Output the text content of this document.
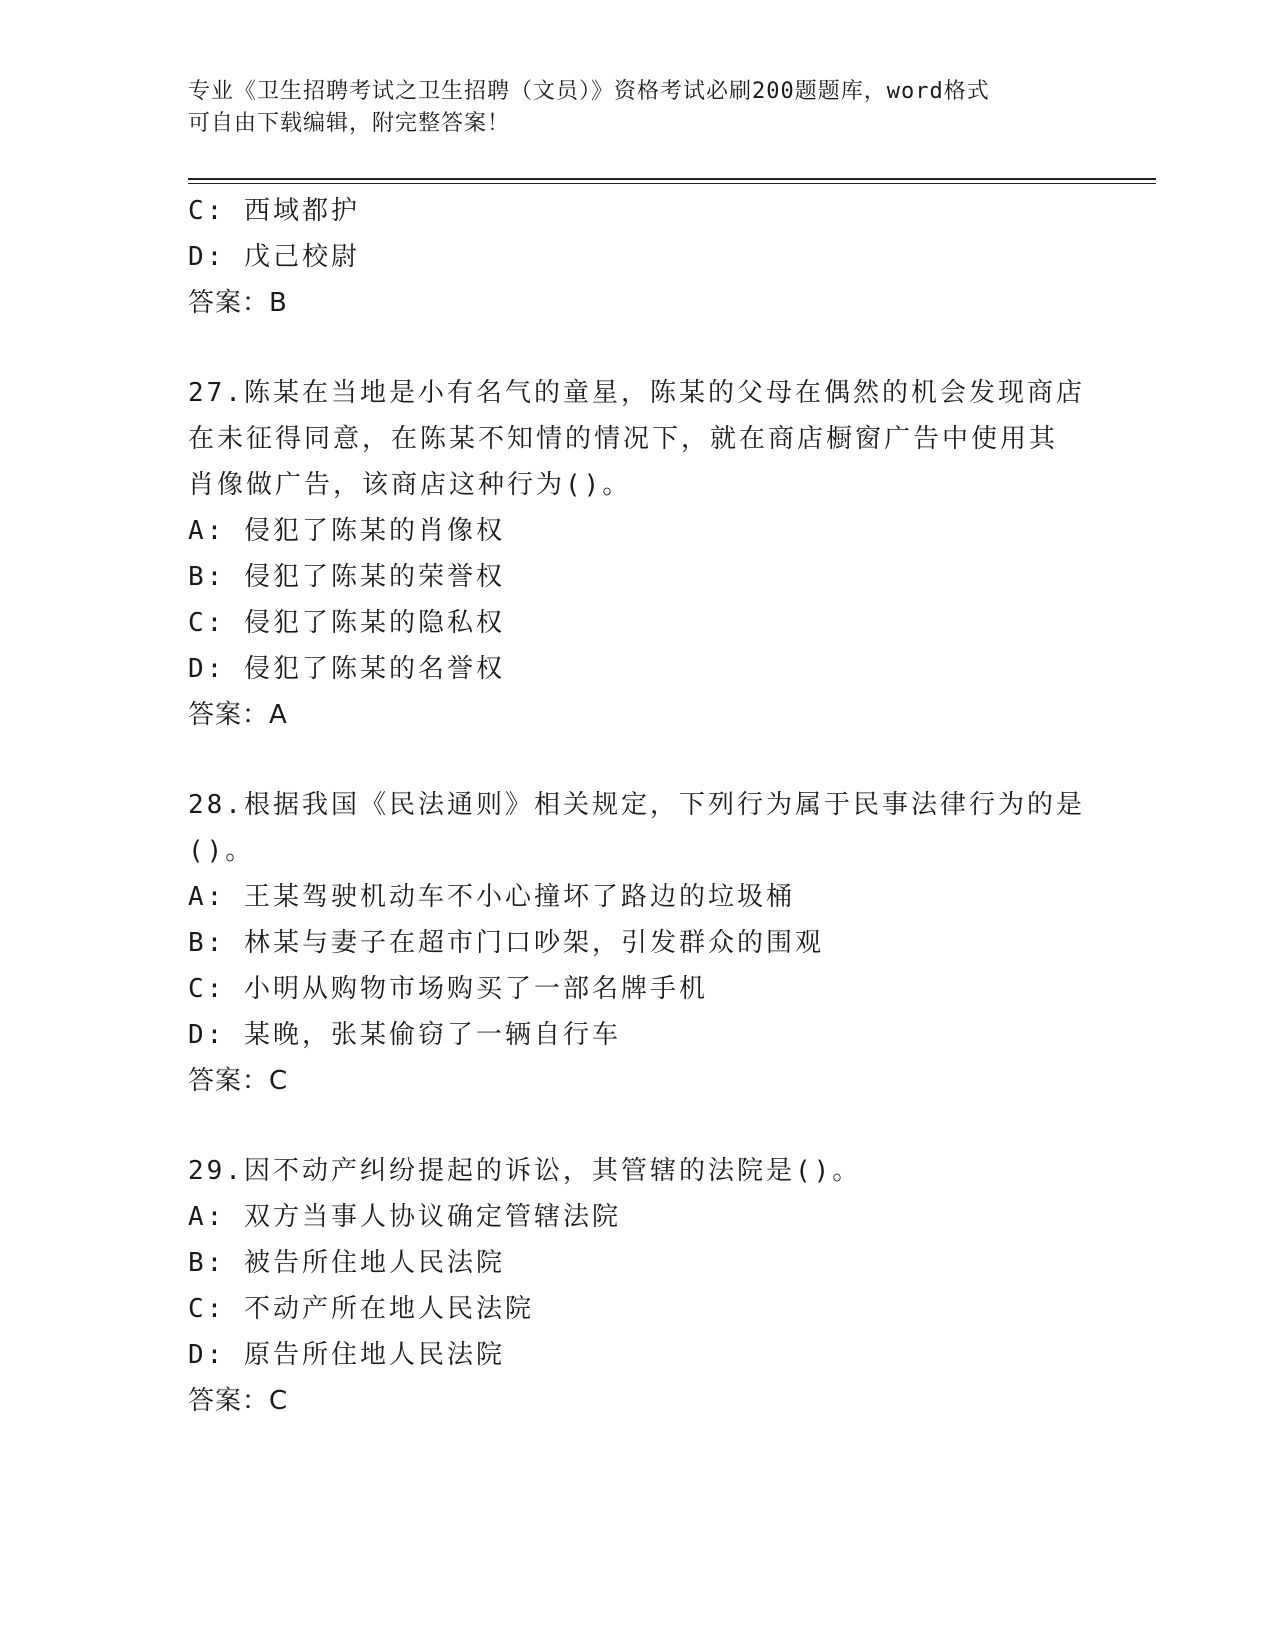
专业《卫生招聘考试之卫生招聘（文员）》资格考试必刷200题题库，word格式
可自由下载编辑，附完整答案！
C: 西域都护
D: 戊己校尉
答案：B
27.陈某在当地是小有名气的童星，陈某的父母在偶然的机会发现商店
在未征得同意，在陈某不知情的情况下，就在商店橱窗广告中使用其
肖像做广告，该商店这种行为()。
A: 侵犯了陈某的肖像权
B: 侵犯了陈某的荣誉权
C: 侵犯了陈某的隐私权
D: 侵犯了陈某的名誉权
答案：A
28.根据我国《民法通则》相关规定，下列行为属于民事法律行为的是
()。
A: 王某驾驶机动车不小心撞坏了路边的垃圾桶
B: 林某与妻子在超市门口吵架，引发群众的围观
C: 小明从购物市场购买了一部名牌手机
D: 某晚，张某偷窃了一辆自行车
答案：C
29.因不动产纠纷提起的诉讼，其管辖的法院是()。
A: 双方当事人协议确定管辖法院
B: 被告所住地人民法院
C: 不动产所在地人民法院
D: 原告所住地人民法院
答案：C
